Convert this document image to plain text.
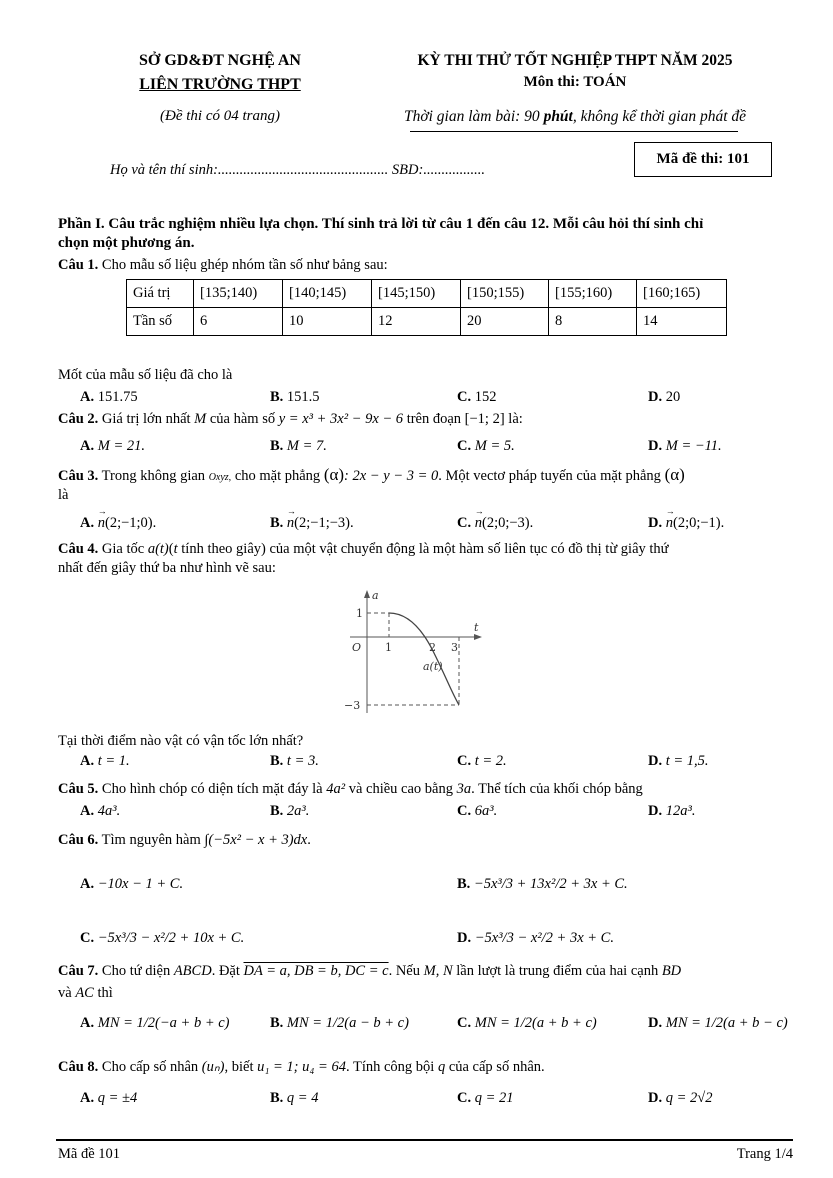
SỞ GD&ĐT NGHỆ AN
LIÊN TRƯỜNG THPT
(Đề thi có 04 trang)
KỲ THI THỬ TỐT NGHIỆP THPT NĂM 2025
Môn thi: TOÁN
Thời gian làm bài: 90 phút, không kể thời gian phát đề
Họ và tên thí sinh:............................................... SBD:.................
Mã đề thi: 101
Phần I. Câu trắc nghiệm nhiều lựa chọn. Thí sinh trả lời từ câu 1 đến câu 12. Mỗi câu hỏi thí sinh chỉ
chọn một phương án.
Câu 1. Cho mẫu số liệu ghép nhóm tần số như bảng sau:
Giá trị	[135;140)	[140;145)	[145;150)	[150;155)	[155;160)	[160;165)
Tần số	6	10	12	20	8	14
Mốt của mẫu số liệu đã cho là
A. 151.75	B. 151.5	C. 152	D. 20
Câu 2. Giá trị lớn nhất M của hàm số y = x³ + 3x² − 9x − 6 trên đoạn [−1; 2] là:
A. M = 21.	B. M = 7.	C. M = 5.	D. M = −11.
Câu 3. Trong không gian Oxyz, cho mặt phẳng (α): 2x − y − 3 = 0. Một vectơ pháp tuyến của mặt phẳng (α)
là
A. → n(2;−1;0).	B. → n(2;−1;−3).	C. → n(2;0;−3).	D. → n(2;0;−1).
Câu 4. Gia tốc a(t)(t tính theo giây) của một vật chuyển động là một hàm số liên tục có đồ thị từ giây thứ
nhất đến giây thứ ba như hình vẽ sau:
a
t
O 1	2 3
1
−3
a(t)
Tại thời điểm nào vật có vận tốc lớn nhất?
A. t = 1.	B. t = 3.	C. t = 2.	D. t = 1,5.
Câu 5. Cho hình chóp có diện tích mặt đáy là 4a² và chiều cao bằng 3a. Thể tích của khối chóp bằng
A. 4a³.	B. 2a³.	C. 6a³.	D. 12a³.
Câu 6. Tìm nguyên hàm ∫(−5x² − x + 3)dx.
A. −10x − 1 + C.	B. −5x³/3 + 13x²/2 + 3x + C.
C. −5x³/3 − x²/2 + 10x + C.	D. −5x³/3 − x²/2 + 3x + C.
Câu 7. Cho tứ diện ABCD. Đặt DA = a, DB = b, DC = c. Nếu M, N lần lượt là trung điểm của hai cạnh BD
và AC thì
A. MN = 1/2(−a + b + c)	B. MN = 1/2(a − b + c)	C. MN = 1/2(a + b + c)	D. MN = 1/2(a + b − c)
Câu 8. Cho cấp số nhân (uₙ), biết u₁ = 1; u₄ = 64. Tính công bội q của cấp số nhân.
A. q = ±4	B. q = 4	C. q = 21	D. q = 2√2
Mã đề 101	Trang 1/4
